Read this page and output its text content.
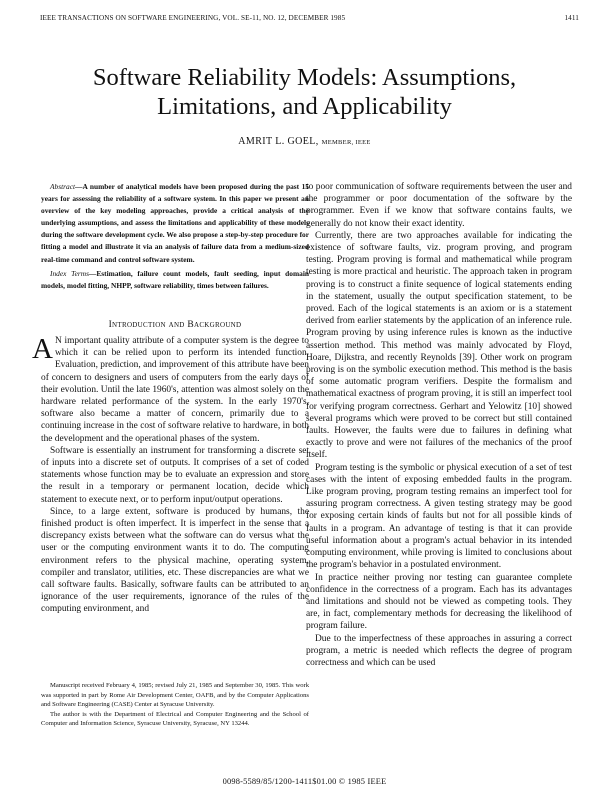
IEEE TRANSACTIONS ON SOFTWARE ENGINEERING, VOL. SE-11, NO. 12, DECEMBER 1985	1411
Software Reliability Models: Assumptions,
Limitations, and Applicability
AMRIT L. GOEL, MEMBER, IEEE

Abstract—A number of analytical models have been proposed during the past 15 years for assessing the reliability of a software system. In this paper we present an overview of the key modeling approaches, provide a critical analysis of the underlying assumptions, and assess the limitations and applicability of these models during the software development cycle. We also propose a step-by-step procedure for fitting a model and illustrate it via an analysis of failure data from a medium-sized real-time command and control software system.

Index Terms—Estimation, failure count models, fault seeding, input domain models, model fitting, NHPP, software reliability, times between failures.
Introduction and Background

A N important quality attribute of a computer system is the degree to which it can be relied upon to perform its intended function. Evaluation, prediction, and improvement of this attribute have been of concern to designers and users of computers from the early days of their evolution. Until the late 1960's, attention was almost solely on the hardware related performance of the system. In the early 1970's, software also became a matter of concern, primarily due to a continuing increase in the cost of software relative to hardware, in both the development and the operational phases of the system.

Software is essentially an instrument for transforming a discrete set of inputs into a discrete set of outputs. It comprises of a set of coded statements whose function may be to evaluate an expression and store the result in a temporary or permanent location, decide which statement to execute next, or to perform input/output operations.

Since, to a large extent, software is produced by humans, the finished product is often imperfect. It is imperfect in the sense that a discrepancy exists between what the software can do versus what the user or the computing environment wants it to do. The computing environment refers to the physical machine, operating system, compiler and translator, utilities, etc. These discrepancies are what we call software faults. Basically, software faults can be attributed to an ignorance of the user requirements, ignorance of the rules of the computing environment, and

Manuscript received February 4, 1985; revised July 21, 1985 and September 30, 1985. This work was supported in part by Rome Air Development Center, OAFB, and by the Computer Applications and Software Engineering (CASE) Center at Syracuse University.

The author is with the Department of Electrical and Computer Engineering and the School of Computer and Information Science, Syracuse University, Syracuse, NY 13244.

to poor communication of software requirements between the user and the programmer or poor documentation of the software by the programmer. Even if we know that software contains faults, we generally do not know their exact identity.

Currently, there are two approaches available for indicating the existence of software faults, viz. program proving, and program testing. Program proving is formal and mathematical while program testing is more practical and heuristic. The approach taken in program proving is to construct a finite sequence of logical statements ending in the statement, usually the output specification statement, to be proved. Each of the logical statements is an axiom or is a statement derived from earlier statements by the application of an inference rule. Program proving by using inference rules is known as the inductive assertion method. This method was mainly advocated by Floyd, Hoare, Dijkstra, and recently Reynolds [39]. Other work on program proving is on the symbolic execution method. This method is the basis of some automatic program verifiers. Despite the formalism and mathematical exactness of program proving, it is still an imperfect tool for verifying program correctness. Gerhart and Yelowitz [10] showed several programs which were proved to be correct but still contained faults. However, the faults were due to failures in defining what exactly to prove and were not failures of the mechanics of the proof itself.

Program testing is the symbolic or physical execution of a set of test cases with the intent of exposing embedded faults in the program. Like program proving, program testing remains an imperfect tool for assuring program correctness. A given testing strategy may be good for exposing certain kinds of faults but not for all possible kinds of faults in a program. An advantage of testing is that it can provide useful information about a program's actual behavior in its intended computing environment, while proving is limited to conclusions about the program's behavior in a postulated environment.

In practice neither proving nor testing can guarantee complete confidence in the correctness of a program. Each has its advantages and limitations and should not be viewed as competing tools. They are, in fact, complementary methods for decreasing the likelihood of program failure.

Due to the imperfectness of these approaches in assuring a correct program, a metric is needed which reflects the degree of program correctness and which can be used

0098-5589/85/1200-1411$01.00 © 1985 IEEE
